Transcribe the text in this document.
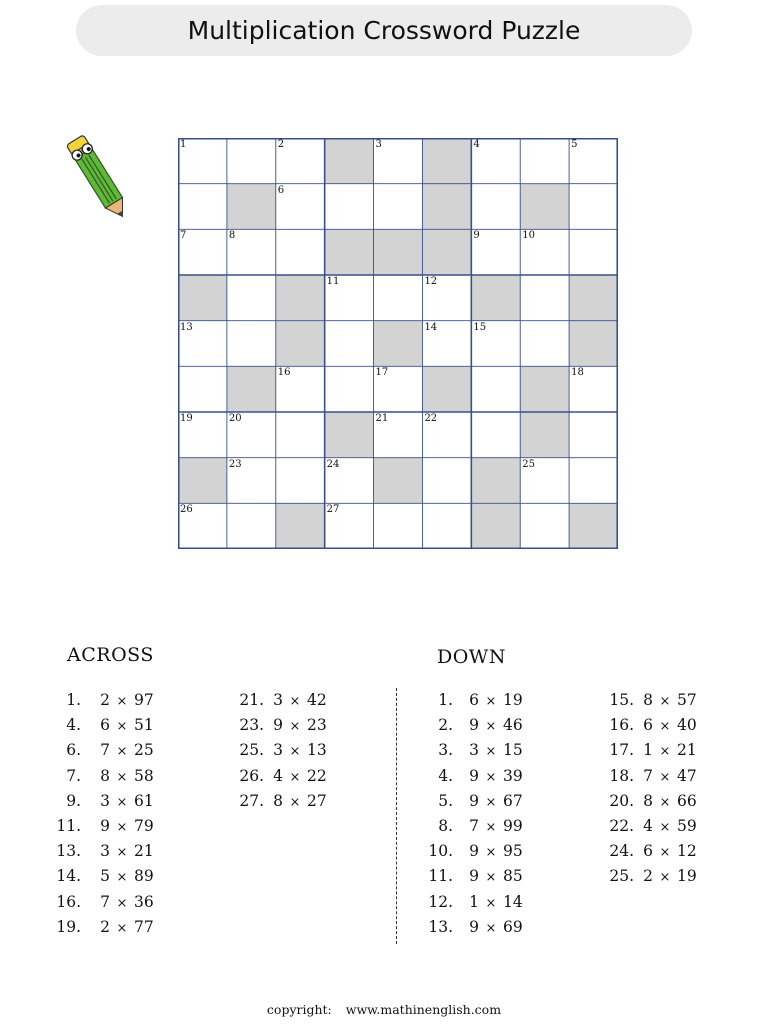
Multiplication Crossword Puzzle
1	2	3	4	5
6
7	8	9	10
11	12
13	14	15
16	17	18
19	20	21	22
23	24	25
26	27
ACROSS	DOWN
1. 2 × 97
4. 6 × 51
6. 7 × 25
7. 8 × 58
9. 3 × 61
11. 9 × 79
13. 3 × 21
14. 5 × 89
16. 7 × 36
19. 2 × 77
21. 3 × 42
23. 9 × 23
25. 3 × 13
26. 4 × 22
27. 8 × 27
1. 6 × 19
2. 9 × 46
3. 3 × 15
4. 9 × 39
5. 9 × 67
8. 7 × 99
10. 9 × 95
11. 9 × 85
12. 1 × 14
13. 9 × 69
15. 8 × 57
16. 6 × 40
17. 1 × 21
18. 7 × 47
20. 8 × 66
22. 4 × 59
24. 6 × 12
25. 2 × 19
copyright: www.mathinenglish.com
